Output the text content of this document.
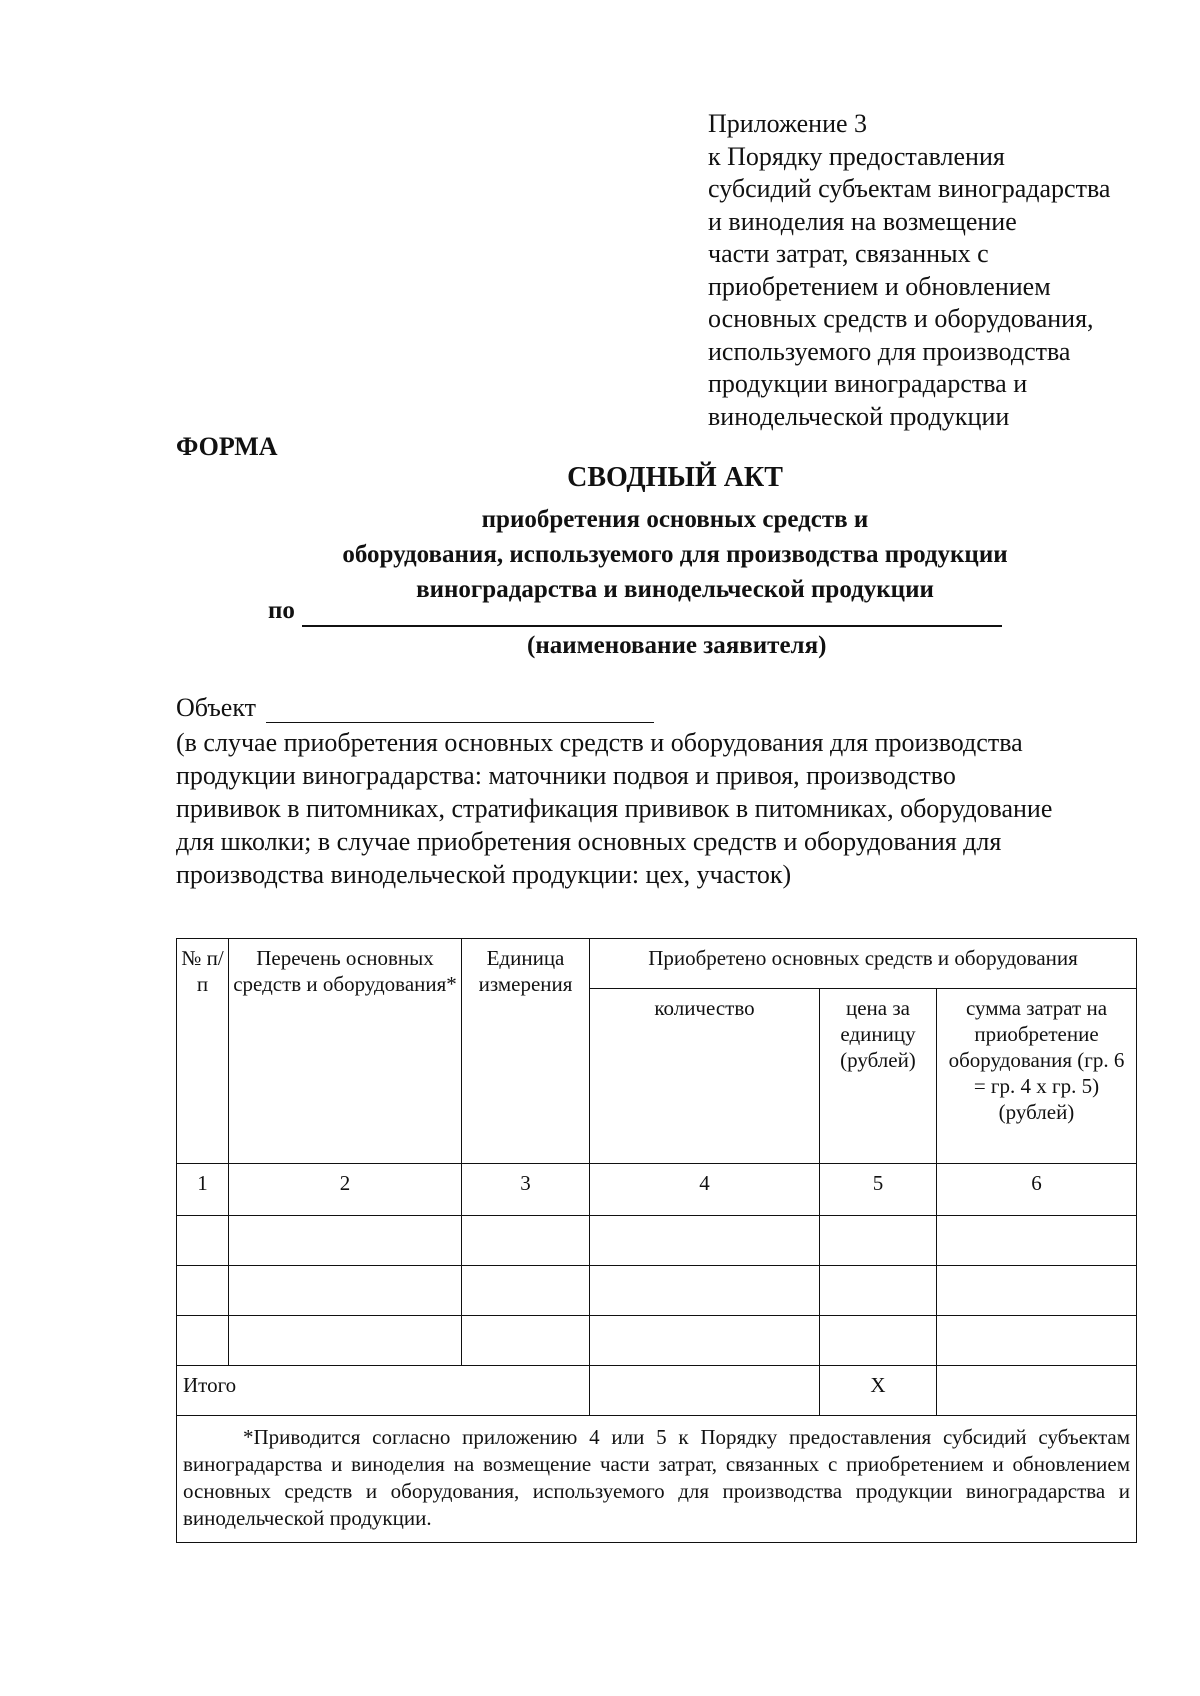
Приложение 3
к Порядку предоставления
субсидий субъектам виноградарства
и виноделия на возмещение
части затрат, связанных с
приобретением и обновлением
основных средств и оборудования,
используемого для производства
продукции виноградарства и
винодельческой продукции
ФОРМА
СВОДНЫЙ АКТ
приобретения основных средств и
оборудования, используемого для производства продукции
виноградарства и винодельческой продукции
по
(наименование заявителя)
Объект
(в случае приобретения основных средств и оборудования для производства
продукции виноградарства: маточники подвоя и привоя, производство
прививок в питомниках, стратификация прививок в питомниках, оборудование
для школки; в случае приобретения основных средств и оборудования для
производства винодельческой продукции: цех, участок)
№ п/п	Перечень основных средств и оборудования*	Единица измерения	Приобретено основных средств и оборудования		
			количество	цена за единицу (рублей)	сумма затрат на приобретение оборудования (гр. 6 = гр. 4 х гр. 5) (рублей)
1	2	3	4	5	6

Итого				Х	
*Приводится согласно приложению 4 или 5 к Порядку предоставления субсидий субъектам виноградарства и виноделия на возмещение части затрат, связанных с приобретением и обновлением основных средств и оборудования, используемого для производства продукции виноградарства и винодельческой продукции.					
